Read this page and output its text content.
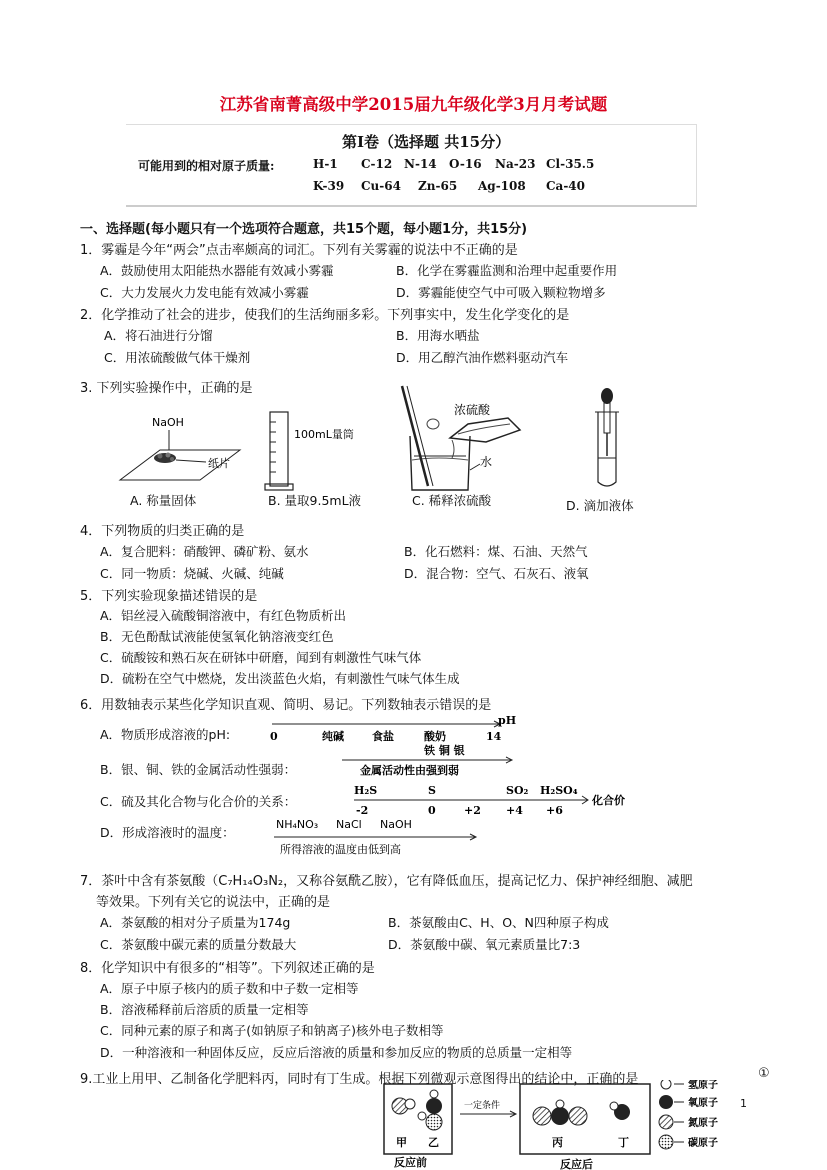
江苏省南菁高级中学2015届九年级化学3月月考试题
第Ⅰ卷（选择题 共15分）
可能用到的相对原子质量:	H-1 C-12 N-14 O-16 Na-23 Cl-35.5
K-39 Cu-64 Zn-65 Ag-108 Ca-40
一、选择题(每小题只有一个选项符合题意，共15个题，每小题1分，共15分)
1．雾霾是今年“两会”点击率颇高的词汇。下列有关雾霾的说法中不正确的是
A．鼓励使用太阳能热水器能有效减小雾霾	B．化学在雾霾监测和治理中起重要作用
C．大力发展火力发电能有效减小雾霾	D．雾霾能使空气中可吸入颗粒物增多
2．化学推动了社会的进步，使我们的生活绚丽多彩。下列事实中，发生化学变化的是
A．将石油进行分馏	B．用海水晒盐
C．用浓硫酸做气体干燥剂	D．用乙醇汽油作燃料驱动汽车
3. 下列实验操作中，正确的是
NaOH
纸片
100mL量筒
浓硫酸
水
A. 称量固体	B. 量取9.5mL液	C. 稀释浓硫酸	D. 滴加液体
4．下列物质的归类正确的是
A．复合肥料：硝酸钾、磷矿粉、氨水	B．化石燃料：煤、石油、天然气
C．同一物质：烧碱、火碱、纯碱	D．混合物：空气、石灰石、液氧
5．下列实验现象描述错误的是
A．铝丝浸入硫酸铜溶液中，有红色物质析出
B．无色酚酞试液能使氢氧化钠溶液变红色
C．硫酸铵和熟石灰在研钵中研磨，闻到有刺激性气味气体
D．硫粉在空气中燃烧，发出淡蓝色火焰，有刺激性气味气体生成
6．用数轴表示某些化学知识直观、简明、易记。下列数轴表示错误的是
A．物质形成溶液的pH:	0	纯碱	食盐	酸奶	14
pH
B．银、铜、铁的金属活动性强弱：
铁 铜 银
金属活动性由强到弱
C．硫及其化合物与化合价的关系：
H₂S	S	SO₂ H₂SO₄
-2	0	+2 +4 +6
化合价
D．形成溶液时的温度：
NH₄NO₃ NaCl NaOH
所得溶液的温度由低到高
7．茶叶中含有茶氨酸（C₇H₁₄O₃N₂，又称谷氨酰乙胺），它有降低血压，提高记忆力、保护神经细胞、减肥
等效果。下列有关它的说法中，正确的是
A．茶氨酸的相对分子质量为174g	B．茶氨酸由C、H、O、N四种原子构成
C．茶氨酸中碳元素的质量分数最大	D．茶氨酸中碳、氧元素质量比7:3
8．化学知识中有很多的“相等”。下列叙述正确的是
A．原子中原子核内的质子数和中子数一定相等
B．溶液稀释前后溶质的质量一定相等
C．同种元素的原子和离子(如钠原子和钠离子)核外电子数相等
D．一种溶液和一种固体反应，反应后溶液的质量和参加反应的物质的总质量一定相等
9.工业上用甲、乙制备化学肥料丙，同时有丁生成。根据下列微观示意图得出的结论中，正确的是	①
1
甲 乙
一定条件
丙	丁
反应前	反应后
氢原子
氧原子
氮原子
碳原子
